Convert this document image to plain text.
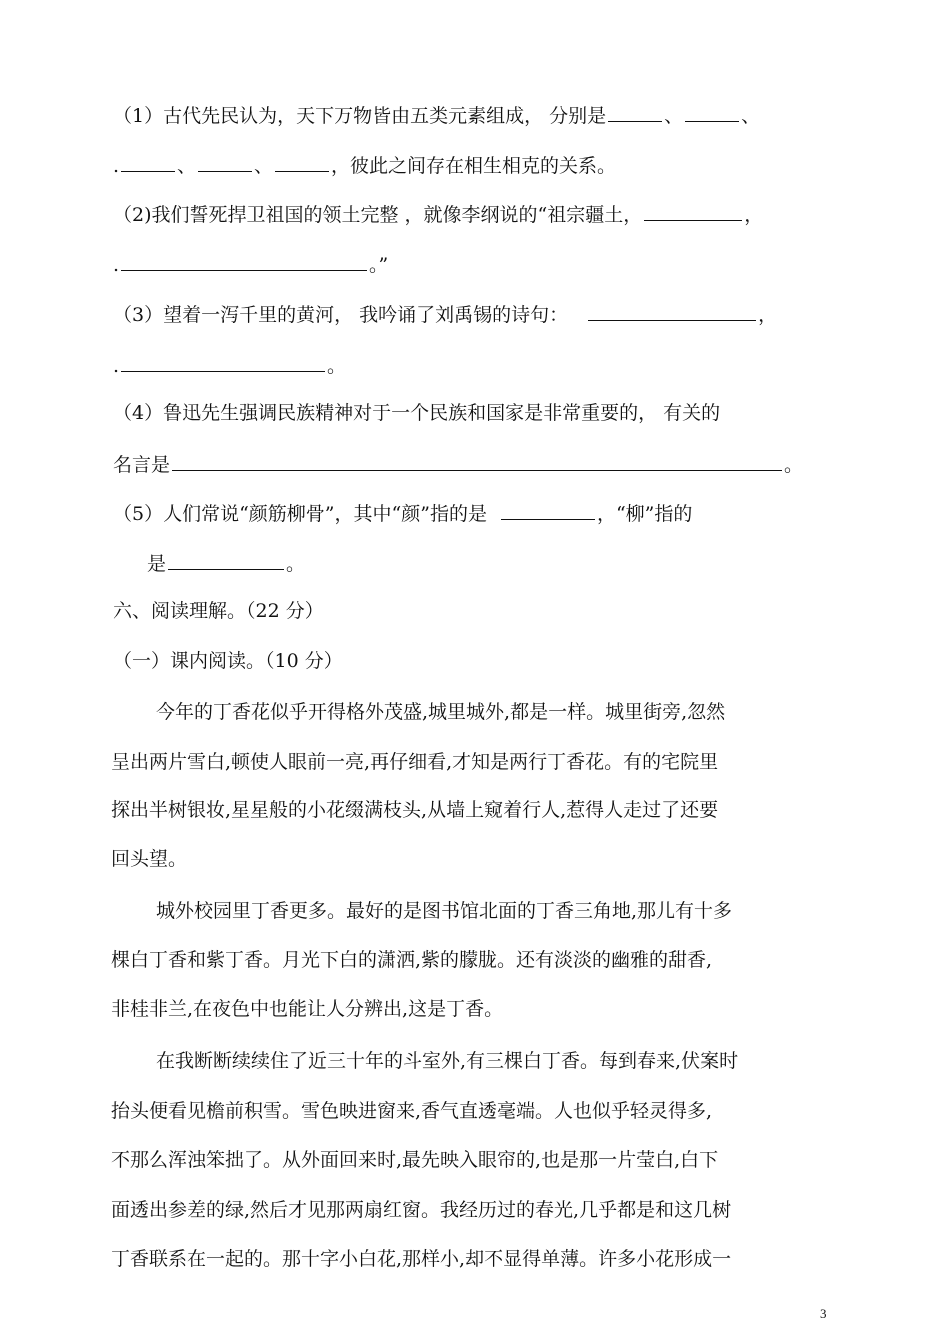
（1）古代先民认为，天下万物皆由五类元素组成， 分别是	、	、
.	、	、	，彼此之间存在相生相克的关系。
（2)我们誓死捍卫祖国的领土完整 ，就像李纲说的“祖宗疆土，	，
.	。”
（3）望着一泻千里的黄河， 我吟诵了刘禹锡的诗句：	，
.	。
（4）鲁迅先生强调民族精神对于一个民族和国家是非常重要的， 有关的
名言是	。
（5）人们常说“颜筋柳骨”，其中“颜”指的是	，“柳”指的
是	。
六、阅读理解。（22 分）
（一）课内阅读。（10 分）
今年的丁香花似乎开得格外茂盛,城里城外,都是一样。城里街旁,忽然
呈出两片雪白,顿使人眼前一亮,再仔细看,才知是两行丁香花。有的宅院里
探出半树银妆,星星般的小花缀满枝头,从墙上窥着行人,惹得人走过了还要
回头望。
城外校园里丁香更多。最好的是图书馆北面的丁香三角地,那儿有十多
棵白丁香和紫丁香。月光下白的潇洒,紫的朦胧。还有淡淡的幽雅的甜香,
非桂非兰,在夜色中也能让人分辨出,这是丁香。
在我断断续续住了近三十年的斗室外,有三棵白丁香。每到春来,伏案时
抬头便看见檐前积雪。雪色映进窗来,香气直透毫端。人也似乎轻灵得多,
不那么浑浊笨拙了。从外面回来时,最先映入眼帘的,也是那一片莹白,白下
面透出参差的绿,然后才见那两扇红窗。我经历过的春光,几乎都是和这几树
丁香联系在一起的。那十字小白花,那样小,却不显得单薄。许多小花形成一
3
